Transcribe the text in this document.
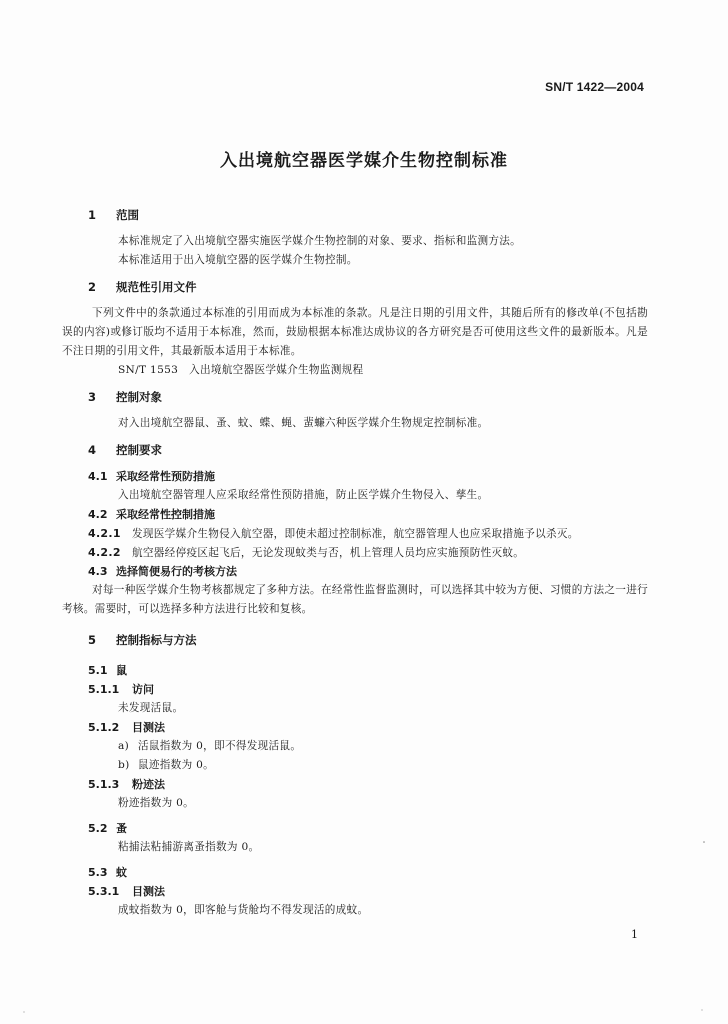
SN/T 1422—2004
入出境航空器医学媒介生物控制标准
1 范围
本标准规定了入出境航空器实施医学媒介生物控制的对象、要求、指标和监测方法。
本标准适用于出入境航空器的医学媒介生物控制。
2 规范性引用文件
下列文件中的条款通过本标准的引用而成为本标准的条款。凡是注日期的引用文件，其随后所有的修改单(不包括勘误的内容)或修订版均不适用于本标准，然而，鼓励根据本标准达成协议的各方研究是否可使用这些文件的最新版本。凡是不注日期的引用文件，其最新版本适用于本标准。
SN/T 1553　入出境航空器医学媒介生物监测规程
3 控制对象
对入出境航空器鼠、蚤、蚊、蝶、蝇、蜚蠊六种医学媒介生物规定控制标准。
4 控制要求
4.1 采取经常性预防措施
入出境航空器管理人应采取经常性预防措施，防止医学媒介生物侵入、孳生。
4.2 采取经常性控制措施
4.2.1 发现医学媒介生物侵入航空器，即使未超过控制标准，航空器管理人也应采取措施予以杀灭。
4.2.2 航空器经停疫区起飞后，无论发现蚊类与否，机上管理人员均应实施预防性灭蚊。
4.3 选择简便易行的考核方法
对每一种医学媒介生物考核都规定了多种方法。在经常性监督监测时，可以选择其中较为方便、习惯的方法之一进行考核。需要时，可以选择多种方法进行比较和复核。
5 控制指标与方法
5.1 鼠
5.1.1 访问
未发现活鼠。
5.1.2 目测法
a) 活鼠指数为 0，即不得发现活鼠。
b) 鼠迹指数为 0。
5.1.3 粉迹法
粉迹指数为 0。
5.2 蚤
粘捕法粘捕游离蚤指数为 0。
5.3 蚊
5.3.1 目测法
成蚊指数为 0，即客舱与货舱均不得发现活的成蚊。
1
